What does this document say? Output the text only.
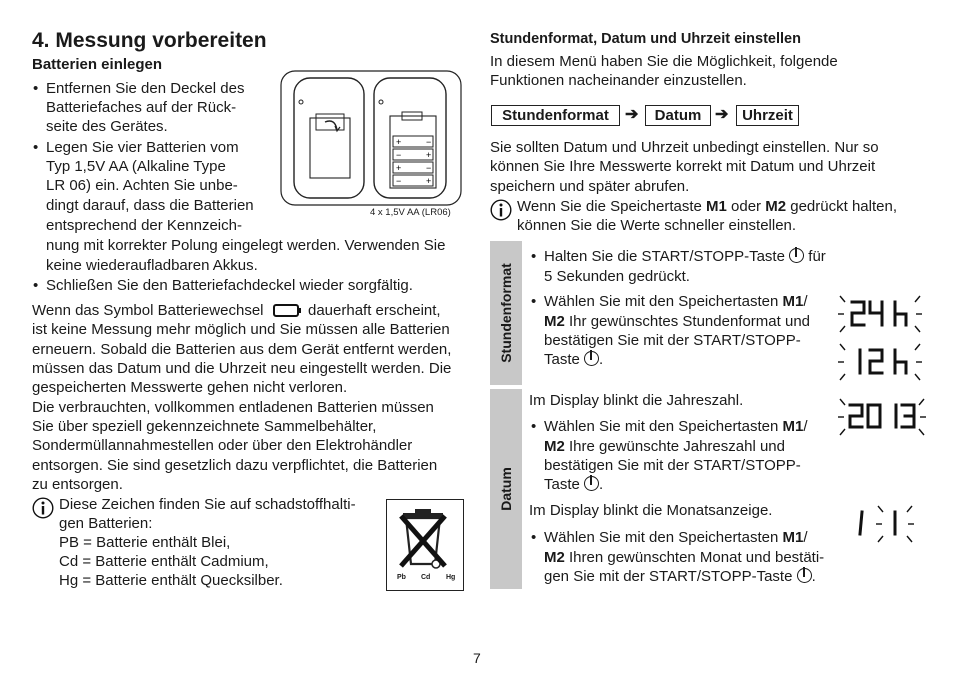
4. Messung vorbereiten
Batterien einlegen
• Entfernen Sie den Deckel des
Batteriefaches auf der Rück-
seite des Gerätes.
• Legen Sie vier Batterien vom
Typ 1,5V AA (Alkaline Type
LR 06) ein. Achten Sie unbe-
dingt darauf, dass die Batterien
entsprechend der Kennzeich-
nung mit korrekter Polung eingelegt werden. Verwenden Sie
keine wiederaufladbaren Akkus.
• Schließen Sie den Batteriefachdeckel wieder sorgfältig.
+	−
−	+
+	−
−	+
4 x 1,5V AA (LR06)
Wenn das Symbol Batteriewechsel	dauerhaft erscheint,
ist keine Messung mehr möglich und Sie müssen alle Batterien
erneuern. Sobald die Batterien aus dem Gerät entfernt werden,
müssen das Datum und die Uhrzeit neu eingestellt werden. Die
gespeicherten Messwerte gehen nicht verloren.
Die verbrauchten, vollkommen entladenen Batterien müssen
Sie über speziell gekennzeichnete Sammelbehälter,
Sondermüllannahmestellen oder über den Elektrohändler
entsorgen. Sie sind gesetzlich dazu verpflichtet, die Batterien
zu entsorgen.
Diese Zeichen finden Sie auf schadstoffhalti-
gen Batterien:
PB = Batterie enthält Blei,
Cd = Batterie enthält Cadmium,
Hg = Batterie enthält Quecksilber.	Pb Cd Hg
Stundenformat, Datum und Uhrzeit einstellen
In diesem Menü haben Sie die Möglichkeit, folgende
Funktionen nacheinander einzustellen.
Stundenformat	➔	Datum ➔ Uhrzeit
Sie sollten Datum und Uhrzeit unbedingt einstellen. Nur so
können Sie Ihre Messwerte korrekt mit Datum und Uhrzeit
speichern und später abrufen.
Wenn Sie die Speichertaste M1 oder M2 gedrückt halten,
können Sie die Werte schneller einstellen.
Stundenformat
Datum
• Halten Sie die START/STOPP-Taste für
5 Sekunden gedrückt.
• Wählen Sie mit den Speichertasten M1/
M2 Ihr gewünschtes Stundenformat und
bestätigen Sie mit der START/STOPP-
Taste .
Im Display blinkt die Jahreszahl.
• Wählen Sie mit den Speichertasten M1/
M2 Ihre gewünschte Jahreszahl und
bestätigen Sie mit der START/STOPP-
Taste .
Im Display blinkt die Monatsanzeige.
• Wählen Sie mit den Speichertasten M1/
M2 Ihren gewünschten Monat und bestäti-
gen Sie mit der START/STOPP-Taste .
7
